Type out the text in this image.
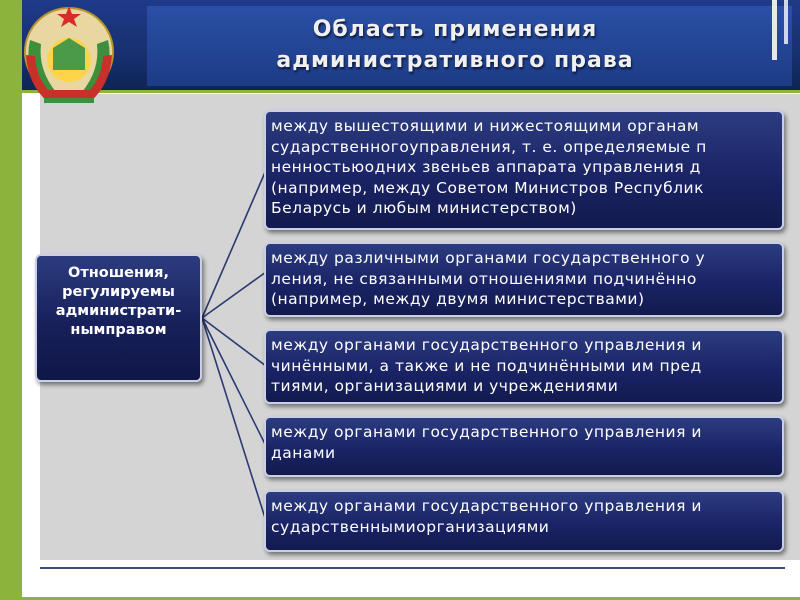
Область применения
административного права
Отношения,
регулируемы
администрати-
нымправом
между вышестоящими и нижестоящими органам
сударственногоуправления, т. е. определяемые п
ненностьюодних звеньев аппарата управления д
(например, между Советом Министров Республик
Беларусь и любым министерством)
между различными органами государственного у
ления, не связанными отношениями подчинённо
(например, между двумя министерствами)
между органами государственного управления и
чинёнными, а также и не подчинёнными им пред
тиями, организациями и учреждениями
между органами государственного управления и
данами
между органами государственного управления и
сударственнымиорганизациями
